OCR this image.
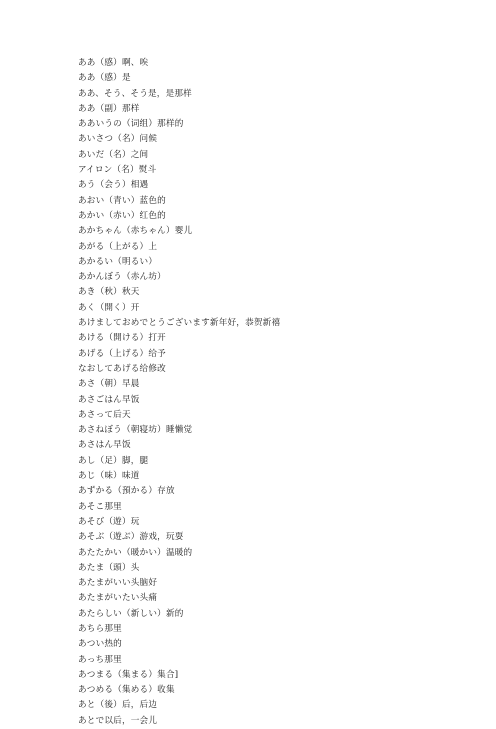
ああ（感）啊、唉
ああ（感）是
ああ、そう、そう是，是那样
ああ（副）那样
ああいうの（词组）那样的
あいさつ（名）问候
あいだ（名）之间
アイロン（名）熨斗
あう（会う）相遇
あおい（青い）蓝色的
あかい（赤い）红色的
あかちゃん（赤ちゃん）婴儿
あがる（上がる）上
あかるい（明るい）
あかんぼう（赤ん坊）
あき（秋）秋天
あく（開く）开
あけましておめでとうございます新年好，恭贺新禧
あける（開ける）打开
あげる（上げる）给予
なおしてあげる给修改
あさ（朝）早晨
あさごはん早饭
あさって后天
あさねぼう（朝寝坊）睡懒觉
あさはん早饭
あし（足）脚，腿
あじ（味）味道
あずかる（預かる）存放
あそこ那里
あそび（遊）玩
あそぶ（遊ぶ）游戏，玩耍
あたたかい（暖かい）温暖的
あたま（頭）头
あたまがいい头脑好
あたまがいたい头痛
あたらしい（新しい）新的
あちら那里
あつい热的
あっち那里
あつまる（集まる）集合]
あつめる（集める）收集
あと（後）后，后边
あとで以后，一会儿
